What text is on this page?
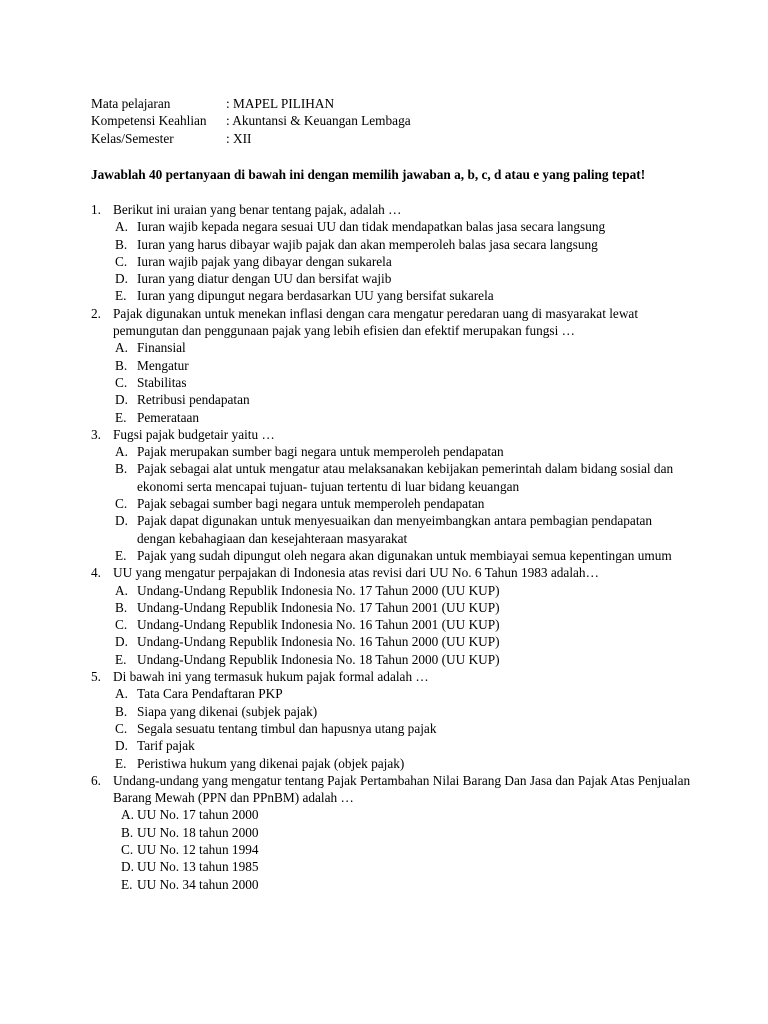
Mata pelajaran	: MAPEL PILIHAN
Kompetensi Keahlian	: Akuntansi & Keuangan Lembaga
Kelas/Semester	: XII
Jawablah 40 pertanyaan di bawah ini dengan memilih jawaban a, b, c, d atau e yang paling tepat!
1. Berikut ini uraian yang benar tentang pajak, adalah …
A. Iuran wajib kepada negara sesuai UU dan tidak mendapatkan balas jasa secara langsung
B. Iuran yang harus dibayar wajib pajak dan akan memperoleh balas jasa secara langsung
C. Iuran wajib pajak yang dibayar dengan sukarela
D. Iuran yang diatur dengan UU dan bersifat wajib
E. Iuran yang dipungut negara berdasarkan UU yang bersifat sukarela
2. Pajak digunakan untuk menekan inflasi dengan cara mengatur peredaran uang di masyarakat lewat pemungutan dan penggunaan pajak yang lebih efisien dan efektif merupakan fungsi …
A. Finansial
B. Mengatur
C. Stabilitas
D. Retribusi pendapatan
E. Pemerataan
3. Fugsi pajak budgetair yaitu …
A. Pajak merupakan sumber bagi negara untuk memperoleh pendapatan
B. Pajak sebagai alat untuk mengatur atau melaksanakan kebijakan pemerintah dalam bidang sosial dan ekonomi serta mencapai tujuan- tujuan tertentu di luar bidang keuangan
C. Pajak sebagai sumber bagi negara untuk memperoleh pendapatan
D. Pajak dapat digunakan untuk menyesuaikan dan menyeimbangkan antara pembagian pendapatan dengan kebahagiaan dan kesejahteraan masyarakat
E. Pajak yang sudah dipungut oleh negara akan digunakan untuk membiayai semua kepentingan umum
4. UU yang mengatur perpajakan di Indonesia atas revisi dari UU No. 6 Tahun 1983 adalah…
A. Undang-Undang Republik Indonesia No. 17 Tahun 2000 (UU KUP)
B. Undang-Undang Republik Indonesia No. 17 Tahun 2001 (UU KUP)
C. Undang-Undang Republik Indonesia No. 16 Tahun 2001 (UU KUP)
D. Undang-Undang Republik Indonesia No. 16 Tahun 2000 (UU KUP)
E. Undang-Undang Republik Indonesia No. 18 Tahun 2000 (UU KUP)
5. Di bawah ini yang termasuk hukum pajak formal adalah …
A. Tata Cara Pendaftaran PKP
B. Siapa yang dikenai (subjek pajak)
C. Segala sesuatu tentang timbul dan hapusnya utang pajak
D. Tarif pajak
E. Peristiwa hukum yang dikenai pajak (objek pajak)
6. Undang-undang yang mengatur tentang Pajak Pertambahan Nilai Barang Dan Jasa dan Pajak Atas Penjualan Barang Mewah (PPN dan PPnBM) adalah …
A. UU No. 17 tahun 2000
B. UU No. 18 tahun 2000
C. UU No. 12 tahun 1994
D. UU No. 13 tahun 1985
E. UU No. 34 tahun 2000
